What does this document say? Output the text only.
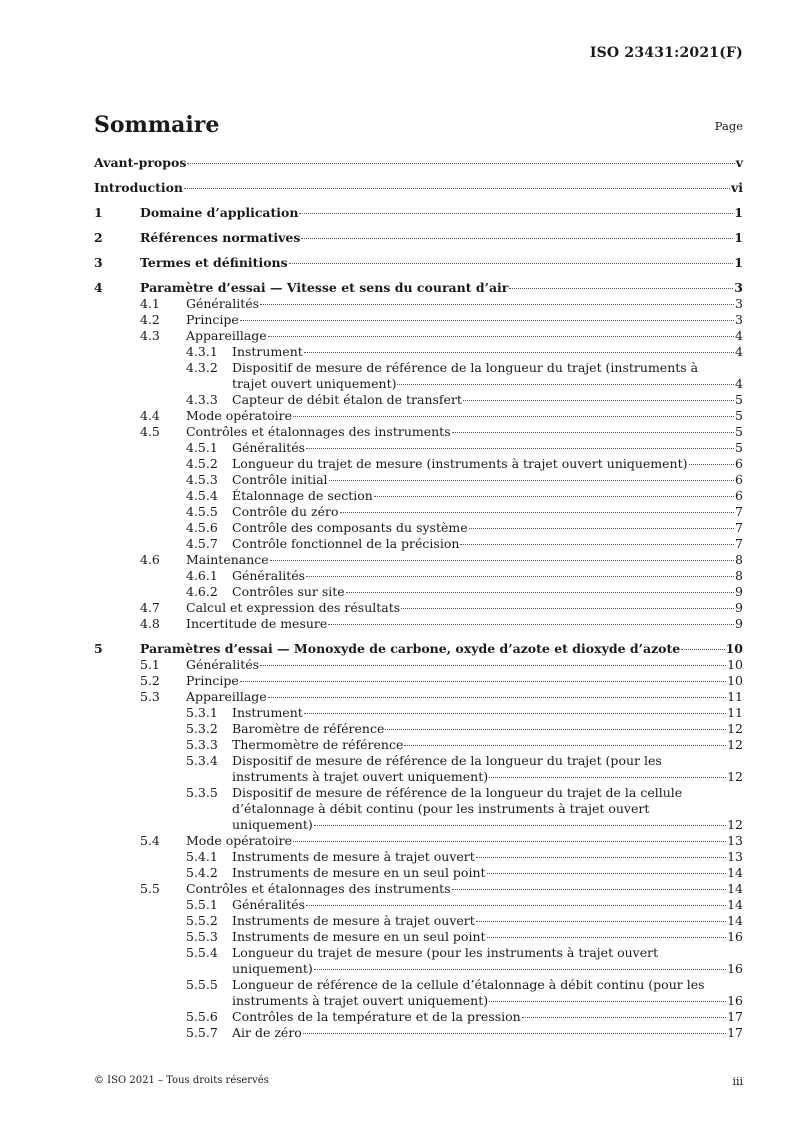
ISO 23431:2021(F)
Sommaire	Page
Avant-propos	v
Introduction	vi
1	Domaine d’application	1
2	Références normatives	1
3	Termes et définitions	1
4	Paramètre d’essai — Vitesse et sens du courant d’air	3
4.1	Généralités	3
4.2	Principe	3
4.3	Appareillage	4
4.3.1	Instrument	4
4.3.2	Dispositif de mesure de référence de la longueur du trajet (instruments à
trajet ouvert uniquement)	4
4.3.3	Capteur de débit étalon de transfert	5
4.4	Mode opératoire	5
4.5	Contrôles et étalonnages des instruments	5
4.5.1	Généralités	5
4.5.2	Longueur du trajet de mesure (instruments à trajet ouvert uniquement)	6
4.5.3	Contrôle initial	6
4.5.4	Étalonnage de section	6
4.5.5	Contrôle du zéro	7
4.5.6	Contrôle des composants du système	7
4.5.7	Contrôle fonctionnel de la précision	7
4.6	Maintenance	8
4.6.1	Généralités	8
4.6.2	Contrôles sur site	9
4.7	Calcul et expression des résultats	9
4.8	Incertitude de mesure	9
5	Paramètres d’essai — Monoxyde de carbone, oxyde d’azote et dioxyde d’azote	10
5.1	Généralités	10
5.2	Principe	10
5.3	Appareillage	11
5.3.1	Instrument	11
5.3.2	Baromètre de référence	12
5.3.3	Thermomètre de référence	12
5.3.4	Dispositif de mesure de référence de la longueur du trajet (pour les
instruments à trajet ouvert uniquement)	12
5.3.5	Dispositif de mesure de référence de la longueur du trajet de la cellule
d’étalonnage à débit continu (pour les instruments à trajet ouvert
uniquement)	12
5.4	Mode opératoire	13
5.4.1	Instruments de mesure à trajet ouvert	13
5.4.2	Instruments de mesure en un seul point	14
5.5	Contrôles et étalonnages des instruments	14
5.5.1	Généralités	14
5.5.2	Instruments de mesure à trajet ouvert	14
5.5.3	Instruments de mesure en un seul point	16
5.5.4	Longueur du trajet de mesure (pour les instruments à trajet ouvert
uniquement)	16
5.5.5	Longueur de référence de la cellule d’étalonnage à débit continu (pour les
instruments à trajet ouvert uniquement)	16
5.5.6	Contrôles de la température et de la pression	17
5.5.7	Air de zéro	17
© ISO 2021 – Tous droits réservés	iii
